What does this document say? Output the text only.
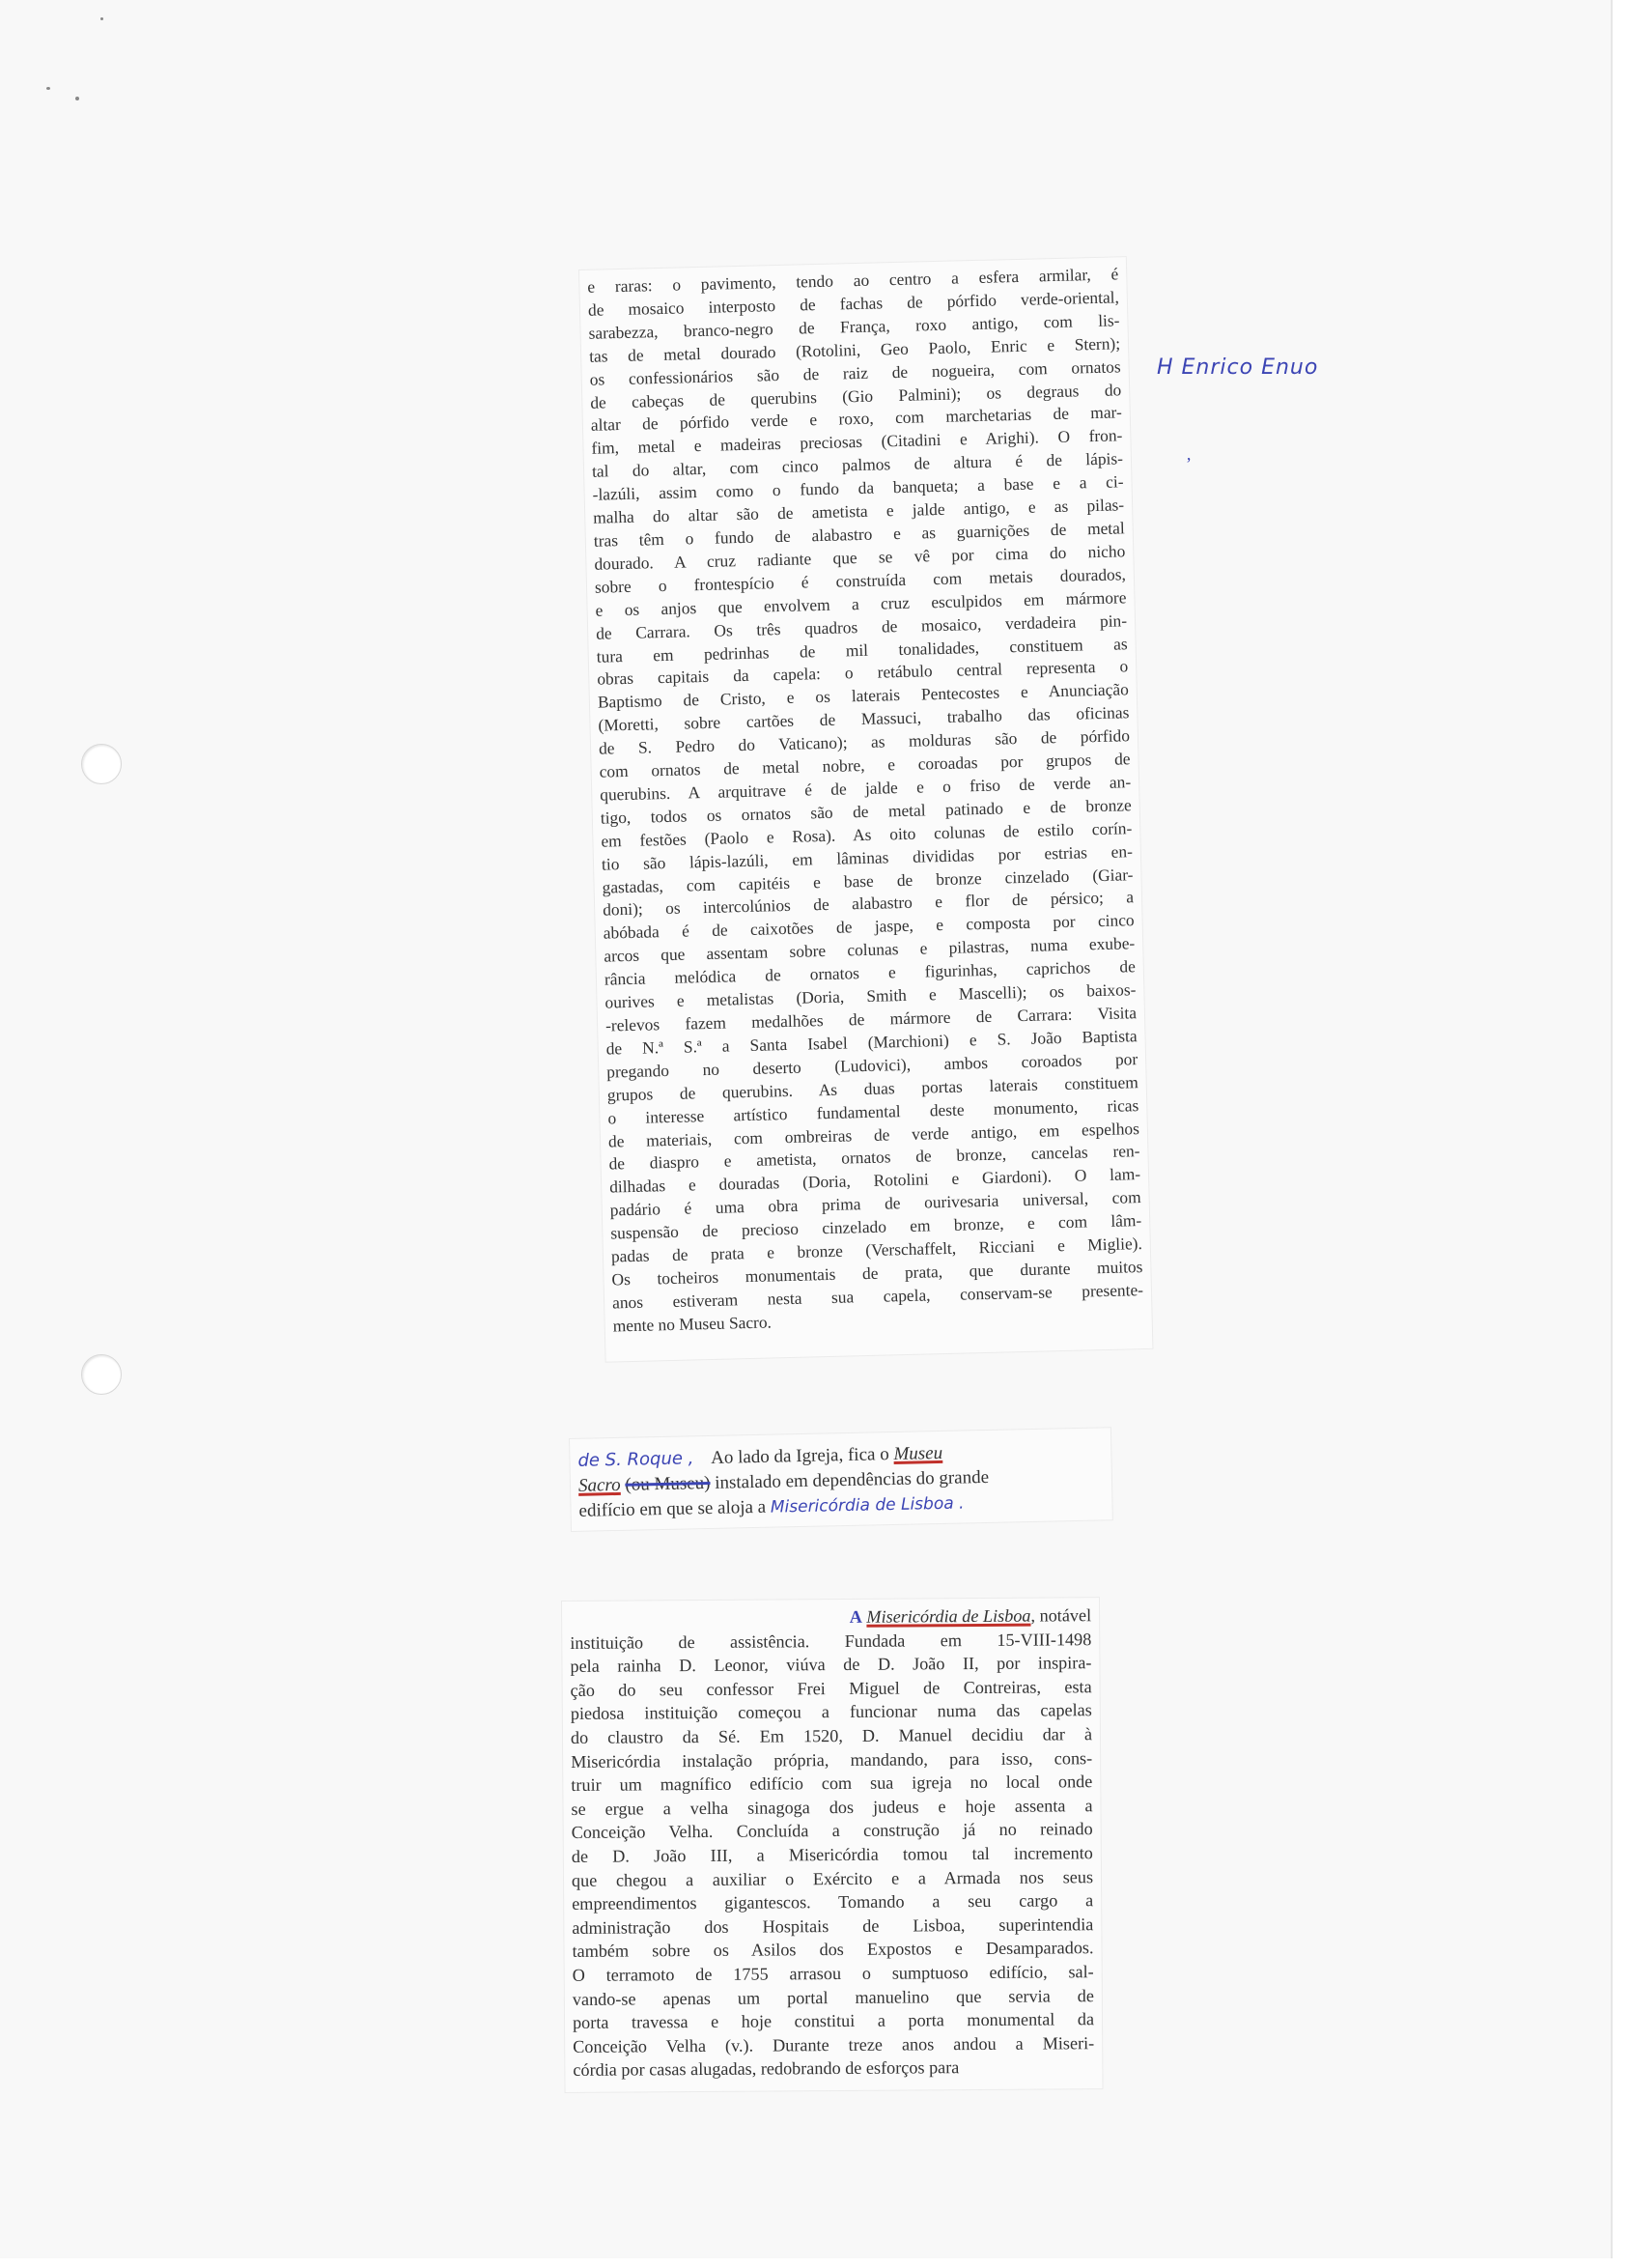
e raras: o pavimento, tendo ao centro a esfera armilar, é

de mosaico interposto de fachas de pórfido verde-oriental,

sarabezza, branco-negro de França, roxo antigo, com lis-

tas de metal dourado (Rotolini, Geo Paolo, Enric e Stern);

os confessionários são de raiz de nogueira, com ornatos

de cabeças de querubins (Gio Palmini); os degraus do

altar de pórfido verde e roxo, com marchetarias de mar-

fim, metal e madeiras preciosas (Citadini e Arighi). O fron-

tal do altar, com cinco palmos de altura é de lápis-

-lazúli, assim como o fundo da banqueta; a base e a ci-

malha do altar são de ametista e jalde antigo, e as pilas-

tras têm o fundo de alabastro e as guarnições de metal

dourado. A cruz radiante que se vê por cima do nicho

sobre o frontespício é construída com metais dourados,

e os anjos que envolvem a cruz esculpidos em mármore

de Carrara. Os três quadros de mosaico, verdadeira pin-

tura em pedrinhas de mil tonalidades, constituem as

obras capitais da capela: o retábulo central representa o

Baptismo de Cristo, e os laterais Pentecostes e Anunciação

(Moretti, sobre cartões de Massuci, trabalho das oficinas

de S. Pedro do Vaticano); as molduras são de pórfido

com ornatos de metal nobre, e coroadas por grupos de

querubins. A arquitrave é de jalde e o friso de verde an-

tigo, todos os ornatos são de metal patinado e de bronze

em festões (Paolo e Rosa). As oito colunas de estilo corín-

tio são lápis-lazúli, em lâminas divididas por estrias en-

gastadas, com capitéis e base de bronze cinzelado (Giar-

doni); os intercolúnios de alabastro e flor de pérsico; a

abóbada é de caixotões de jaspe, e composta por cinco

arcos que assentam sobre colunas e pilastras, numa exube-

rância melódica de ornatos e figurinhas, caprichos de

ourives e metalistas (Doria, Smith e Mascelli); os baixos-

-relevos fazem medalhões de mármore de Carrara: Visita

de N.ª S.ª a Santa Isabel (Marchioni) e S. João Baptista

pregando no deserto (Ludovici), ambos coroados por

grupos de querubins. As duas portas laterais constituem

o interesse artístico fundamental deste monumento, ricas

de materiais, com ombreiras de verde antigo, em espelhos

de diaspro e ametista, ornatos de bronze, cancelas ren-

dilhadas e douradas (Doria, Rotolini e Giardoni). O lam-

padário é uma obra prima de ourivesaria universal, com

suspensão de precioso cinzelado em bronze, e com lâm-

padas de prata e bronze (Verschaffelt, Ricciani e Miglie).

Os tocheiros monumentais de prata, que durante muitos

anos estiveram nesta sua capela, conservam-se presente-

mente no Museu Sacro.

H Enrico Enuo
ʼ

de S. Roque , Ao lado da Igreja, fica o Museu
Sacro (ou Museu) instalado em dependências do grande
edifício em que se aloja a Misericórdia de Lisboa .

A Misericórdia de Lisboa, notável

instituição de assistência. Fundada em 15-VIII-1498

pela rainha D. Leonor, viúva de D. João II, por inspira-

ção do seu confessor Frei Miguel de Contreiras, esta

piedosa instituição começou a funcionar numa das capelas

do claustro da Sé. Em 1520, D. Manuel decidiu dar à

Misericórdia instalação própria, mandando, para isso, cons-

truir um magnífico edifício com sua igreja no local onde

se ergue a velha sinagoga dos judeus e hoje assenta a

Conceição Velha. Concluída a construção já no reinado

de D. João III, a Misericórdia tomou tal incremento

que chegou a auxiliar o Exército e a Armada nos seus

empreendimentos gigantescos. Tomando a seu cargo a

administração dos Hospitais de Lisboa, superintendia

também sobre os Asilos dos Expostos e Desamparados.

O terramoto de 1755 arrasou o sumptuoso edifício, sal-

vando-se apenas um portal manuelino que servia de

porta travessa e hoje constitui a porta monumental da

Conceição Velha (v.). Durante treze anos andou a Miseri-

córdia por casas alugadas, redobrando de esforços para
